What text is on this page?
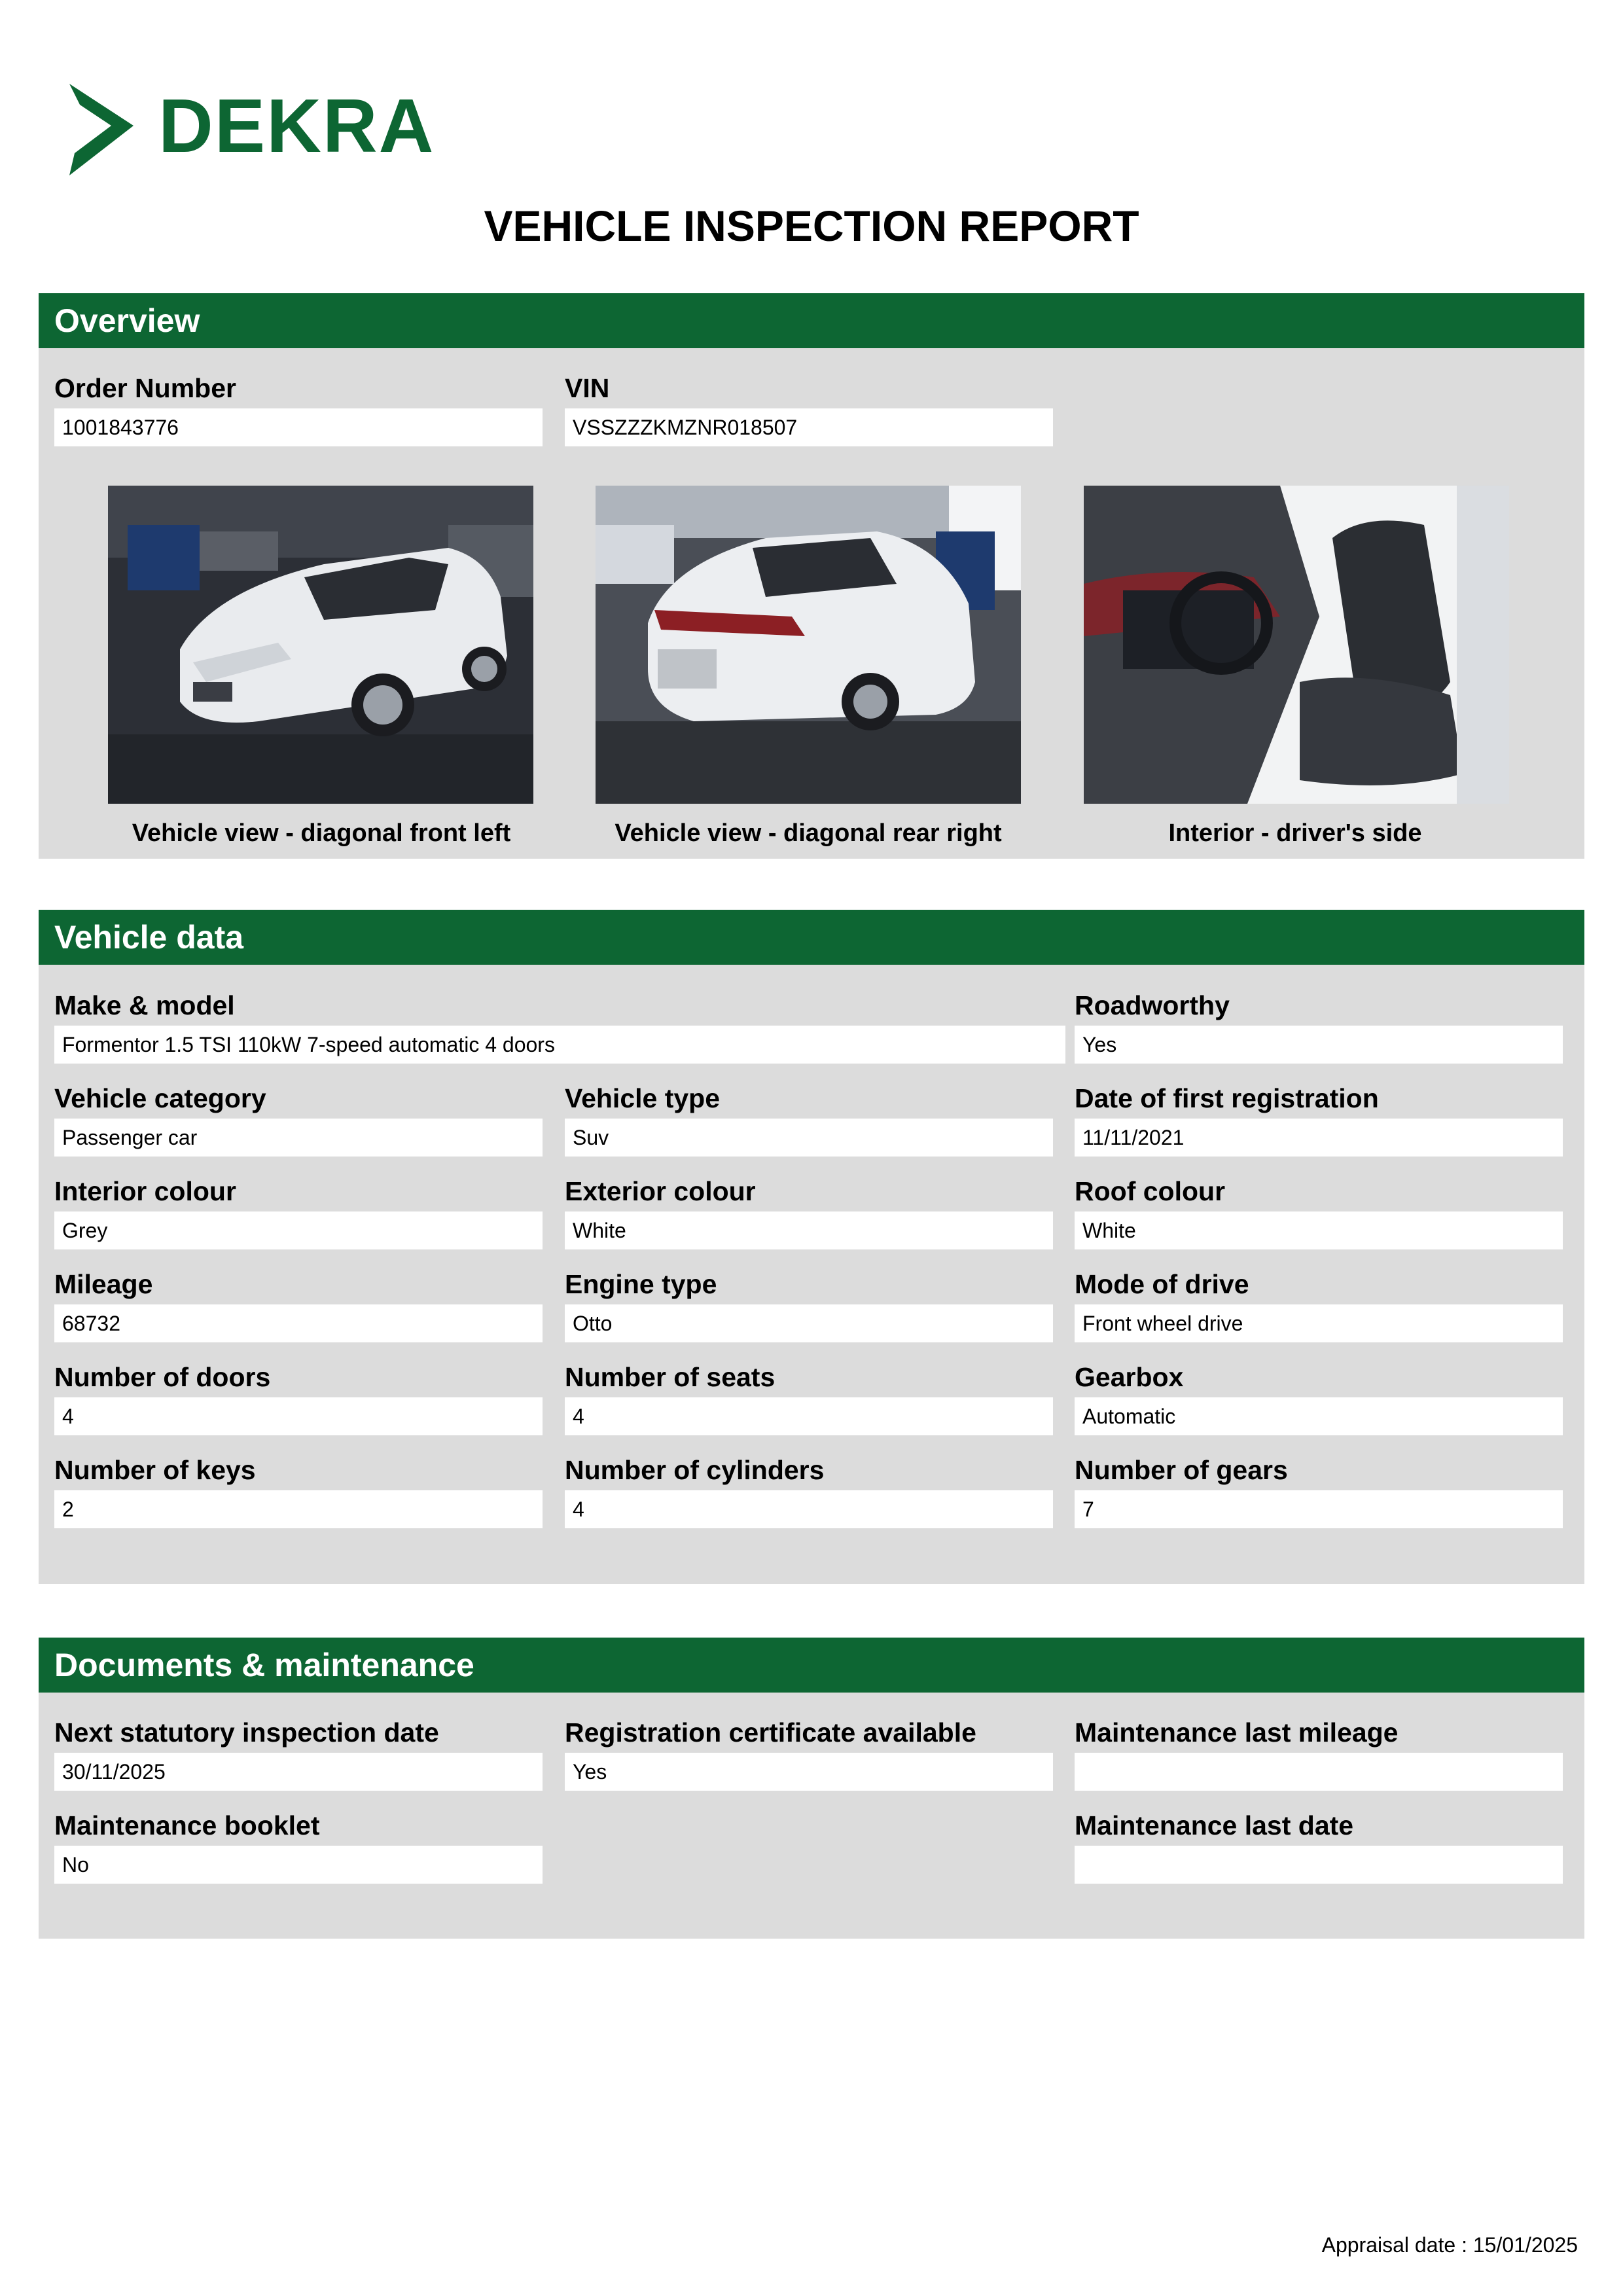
DEKRA
VEHICLE INSPECTION REPORT
Overview
Order Number
1001843776
VIN
VSSZZZKMZNR018507
Vehicle view - diagonal front left	Vehicle view - diagonal rear right	Interior - driver's side
Vehicle data
Make & model
Formentor 1.5 TSI 110kW 7-speed automatic 4 doors
Roadworthy
Yes
Vehicle category
Passenger car
Vehicle type
Suv
Date of first registration
11/11/2021
Interior colour
Grey
Exterior colour
White
Roof colour
White
Mileage
68732
Engine type
Otto
Mode of drive
Front wheel drive
Number of doors
4
Number of seats
4
Gearbox
Automatic
Number of keys
2
Number of cylinders
4
Number of gears
7
Documents & maintenance
Next statutory inspection date
30/11/2025
Registration certificate available
Yes
Maintenance last mileage
Maintenance booklet
No
Maintenance last date
Appraisal date : 15/01/2025
